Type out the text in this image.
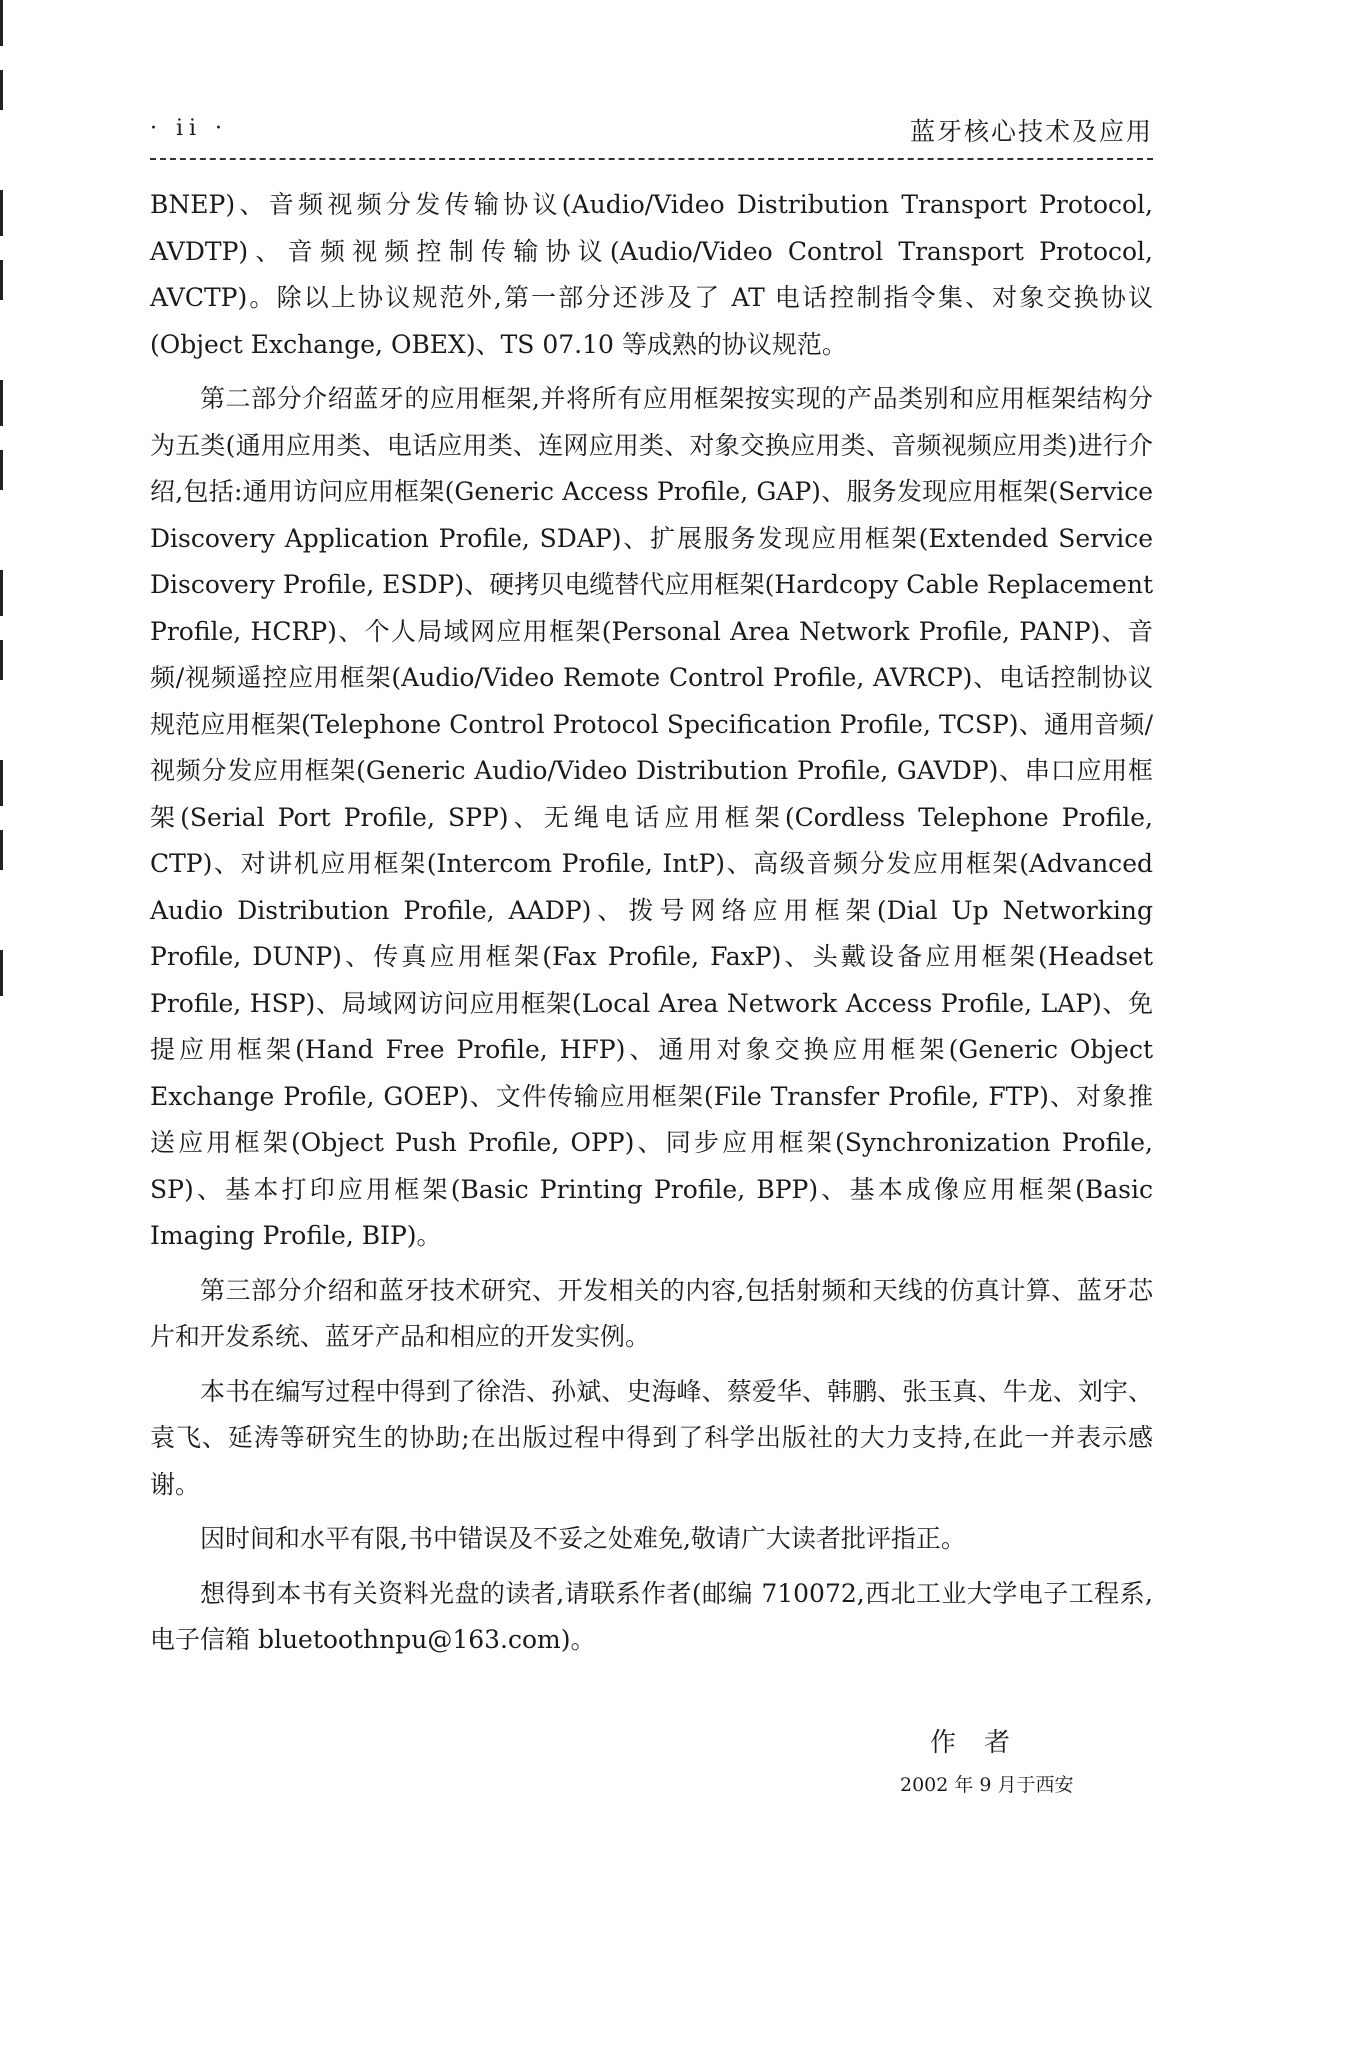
· ii ·	蓝牙核心技术及应用

BNEP)、音频视频分发传输协议(Audio/Video Distribution Transport Protocol, AVDTP)、音频视频控制传输协议(Audio/Video Control Transport Protocol, AVCTP)。除以上协议规范外,第一部分还涉及了 AT 电话控制指令集、对象交换协议(Object Exchange, OBEX)、TS 07.10 等成熟的协议规范。

第二部分介绍蓝牙的应用框架,并将所有应用框架按实现的产品类别和应用框架结构分为五类(通用应用类、电话应用类、连网应用类、对象交换应用类、音频视频应用类)进行介绍,包括:通用访问应用框架(Generic Access Profile, GAP)、服务发现应用框架(Service Discovery Application Profile, SDAP)、扩展服务发现应用框架(Extended Service Discovery Profile, ESDP)、硬拷贝电缆替代应用框架(Hardcopy Cable Replacement Profile, HCRP)、个人局域网应用框架(Personal Area Network Profile, PANP)、音频/视频遥控应用框架(Audio/Video Remote Control Profile, AVRCP)、电话控制协议规范应用框架(Telephone Control Protocol Specification Profile, TCSP)、通用音频/视频分发应用框架(Generic Audio/Video Distribution Profile, GAVDP)、串口应用框架(Serial Port Profile, SPP)、无绳电话应用框架(Cordless Telephone Profile, CTP)、对讲机应用框架(Intercom Profile, IntP)、高级音频分发应用框架(Advanced Audio Distribution Profile, AADP)、拨号网络应用框架(Dial Up Networking Profile, DUNP)、传真应用框架(Fax Profile, FaxP)、头戴设备应用框架(Headset Profile, HSP)、局域网访问应用框架(Local Area Network Access Profile, LAP)、免提应用框架(Hand Free Profile, HFP)、通用对象交换应用框架(Generic Object Exchange Profile, GOEP)、文件传输应用框架(File Transfer Profile, FTP)、对象推送应用框架(Object Push Profile, OPP)、同步应用框架(Synchronization Profile, SP)、基本打印应用框架(Basic Printing Profile, BPP)、基本成像应用框架(Basic Imaging Profile, BIP)。

第三部分介绍和蓝牙技术研究、开发相关的内容,包括射频和天线的仿真计算、蓝牙芯片和开发系统、蓝牙产品和相应的开发实例。

本书在编写过程中得到了徐浩、孙斌、史海峰、蔡爱华、韩鹏、张玉真、牛龙、刘宇、袁飞、延涛等研究生的协助;在出版过程中得到了科学出版社的大力支持,在此一并表示感谢。

因时间和水平有限,书中错误及不妥之处难免,敬请广大读者批评指正。

想得到本书有关资料光盘的读者,请联系作者(邮编 710072,西北工业大学电子工程系,电子信箱 bluetoothnpu@163.com)。

作者
2002 年 9 月于西安
